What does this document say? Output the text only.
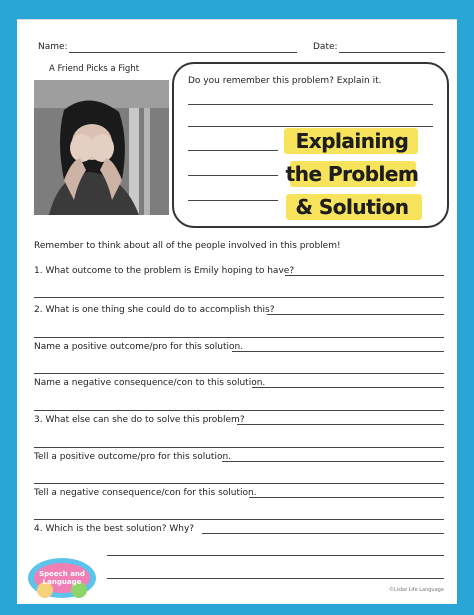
Name:	Date:
A Friend Picks a Fight
Do you remember this problem? Explain it.
Explaining
the Problem
& Solution
Remember to think about all of the people involved in this problem!
1. What outcome to the problem is Emily hoping to have?
2. What is one thing she could do to accomplish this?
Name a positive outcome/pro for this solution.
Name a negative consequence/con to this solution.
3. What else can she do to solve this problem?
Tell a positive outcome/pro for this solution.
Tell a negative consequence/con for this solution.
4. Which is the best solution? Why?
Speech and Language
©Lisbe Life Language
